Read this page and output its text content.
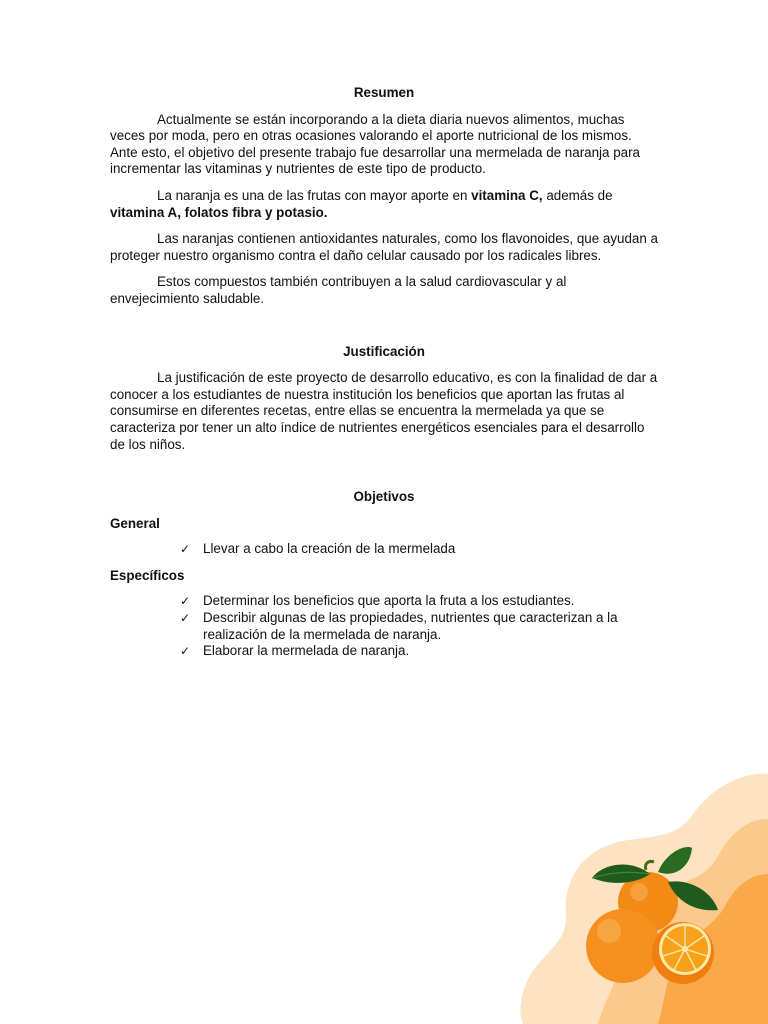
Resumen

Actualmente se están incorporando a la dieta diaria nuevos alimentos, muchas veces por moda, pero en otras ocasiones valorando el aporte nutricional de los mismos. Ante esto, el objetivo del presente trabajo fue desarrollar una mermelada de naranja para incrementar las vitaminas y nutrientes de este tipo de producto.

La naranja es una de las frutas con mayor aporte en vitamina C, además de vitamina A, folatos fibra y potasio.

Las naranjas contienen antioxidantes naturales, como los flavonoides, que ayudan a proteger nuestro organismo contra el daño celular causado por los radicales libres.

Estos compuestos también contribuyen a la salud cardiovascular y al envejecimiento saludable.

Justificación

La justificación de este proyecto de desarrollo educativo, es con la finalidad de dar a conocer a los estudiantes de nuestra institución los beneficios que aportan las frutas al consumirse en diferentes recetas, entre ellas se encuentra la mermelada ya que se caracteriza por tener un alto índice de nutrientes energéticos esenciales para el desarrollo de los niños.

Objetivos

General

✓ Llevar a cabo la creación de la mermelada

Específicos

✓ Determinar los beneficios que aporta la fruta a los estudiantes.
✓ Describir algunas de las propiedades, nutrientes que caracterizan a la realización de la mermelada de naranja.
✓ Elaborar la mermelada de naranja.
